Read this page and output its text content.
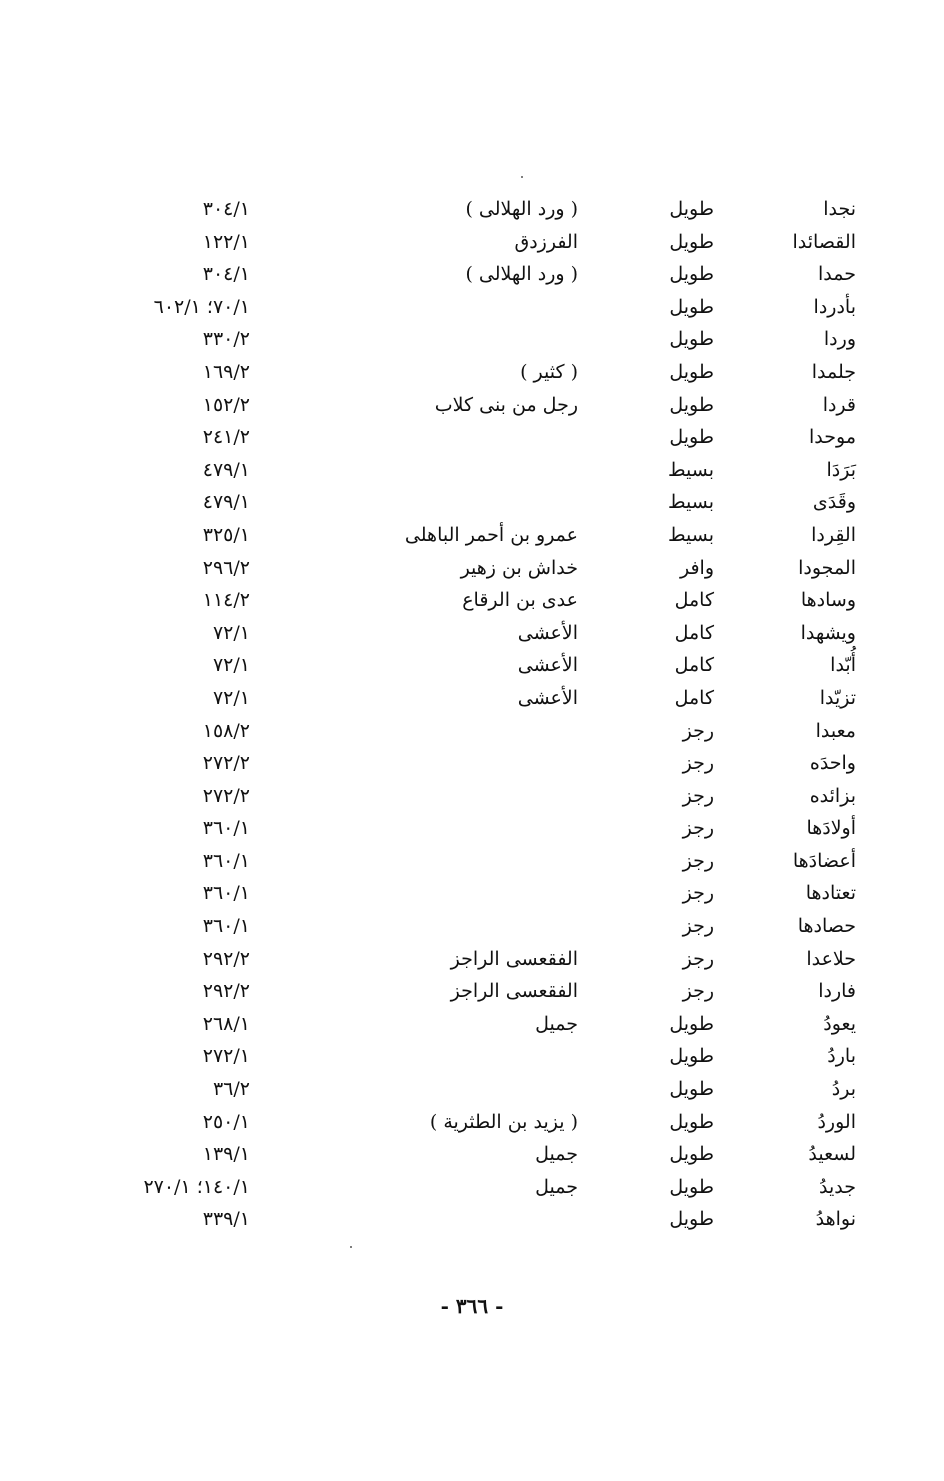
نجدا
طويل
( ورد الهلالى )
٣٠٤/١
القصائدا
طويل
الفرزدق
١٢٢/١
حمدا
طويل
( ورد الهلالى )
٣٠٤/١
بأدردا
طويل
٧٠/١؛ ٦٠٢/١
وردا
طويل
٣٣٠/٢
جلمدا
طويل
( كثير )
١٦٩/٢
قردا
طويل
رجل من بنى كلاب
١٥٢/٢
موحدا
طويل
٢٤١/٢
بَرَدَا
بسيط
٤٧٩/١
وقَدَى
بسيط
٤٧٩/١
القِردا
بسيط
عمرو بن أحمر الباهلى
٣٢٥/١
المجودا
وافر
خداش بن زهير
٢٩٦/٢
وسادها
كامل
عدى بن الرقاع
١١٤/٢
ويشهدا
كامل
الأعشى
٧٢/١
أُبّدا
كامل
الأعشى
٧٢/١
تزيّدا
كامل
الأعشى
٧٢/١
معبدا
رجز
١٥٨/٢
واحدَه
رجز
٢٧٢/٢
بزائده
رجز
٢٧٢/٢
أولادَها
رجز
٣٦٠/١
أعضادَها
رجز
٣٦٠/١
تعتادها
رجز
٣٦٠/١
حصادها
رجز
٣٦٠/١
حلاعدا
رجز
الفقعسى الراجز
٢٩٢/٢
فاردا
رجز
الفقعسى الراجز
٢٩٢/٢
يعودُ
طويل
جميل
٢٦٨/١
باردُ
طويل
٢٧٢/١
بردُ
طويل
٣٦/٢
الوردُ
طويل
( يزيد بن الطثرية )
٢٥٠/١
لسعيدُ
طويل
جميل
١٣٩/١
جديدُ
طويل
جميل
١٤٠/١؛ ٢٧٠/١
نواهدُ
طويل
٣٣٩/١
- ٣٦٦ -
